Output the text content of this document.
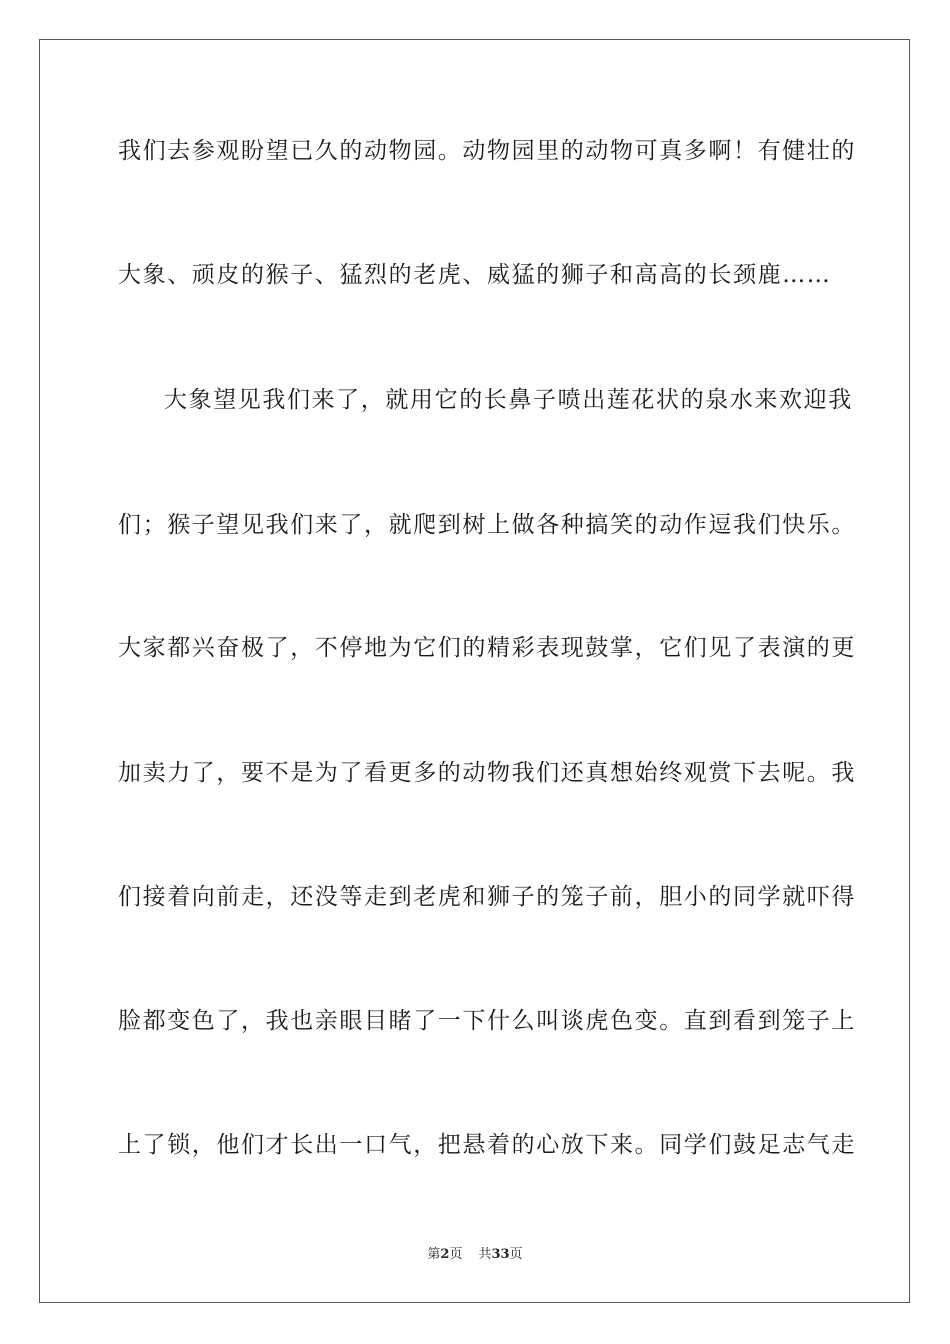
我们去参观盼望已久的动物园。动物园里的动物可真多啊！有健壮的
大象、顽皮的猴子、猛烈的老虎、威猛的狮子和高高的长颈鹿……
大象望见我们来了，就用它的长鼻子喷出莲花状的泉水来欢迎我
们；猴子望见我们来了，就爬到树上做各种搞笑的动作逗我们快乐。
大家都兴奋极了，不停地为它们的精彩表现鼓掌，它们见了表演的更
加卖力了，要不是为了看更多的动物我们还真想始终观赏下去呢。我
们接着向前走，还没等走到老虎和狮子的笼子前，胆小的同学就吓得
脸都变色了，我也亲眼目睹了一下什么叫谈虎色变。直到看到笼子上
上了锁，他们才长出一口气，把悬着的心放下来。同学们鼓足志气走
第2页 共33页
